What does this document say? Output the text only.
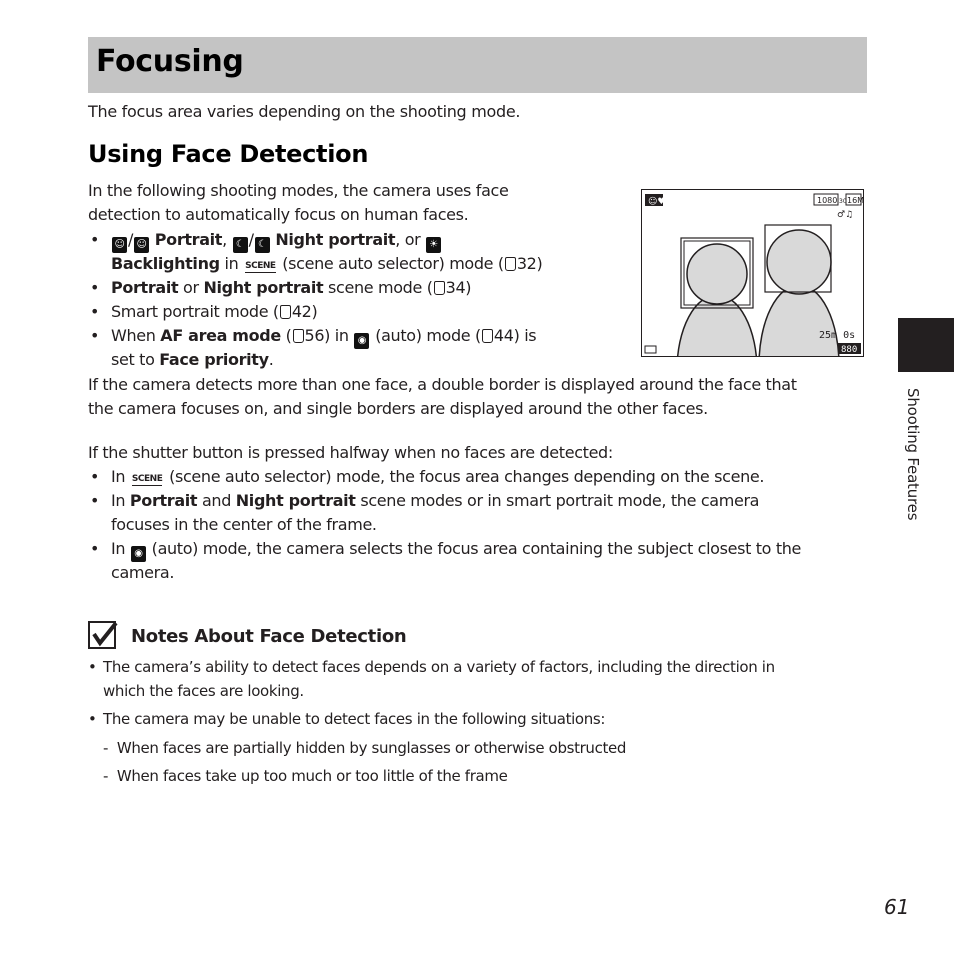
Focusing
The focus area varies depending on the shooting mode.
Using Face Detection
In the following shooting modes, the camera uses face
detection to automatically focus on human faces.
•	☺ / ☺ Portrait, ☾ / ☾ Night portrait, or ☀
Backlighting in SCENE (scene auto selector) mode ( 32)
• Portrait or Night portrait scene mode ( 34)
• Smart portrait mode ( 42)
• When AF area mode ( 56) in ◉ (auto) mode ( 44) is
set to Face priority.
☺♥	1080 30 16M
♂♫
25m 0s
880
If the camera detects more than one face, a double border is displayed around the face that
the camera focuses on, and single borders are displayed around the other faces.
If the shutter button is pressed halfway when no faces are detected:
• In SCENE (scene auto selector) mode, the focus area changes depending on the scene.
• In Portrait and Night portrait scene modes or in smart portrait mode, the camera
focuses in the center of the frame.
• In ◉ (auto) mode, the camera selects the focus area containing the subject closest to the
camera.
Notes About Face Detection
• The camera’s ability to detect faces depends on a variety of factors, including the direction in
which the faces are looking.
• The camera may be unable to detect faces in the following situations:
-  When faces are partially hidden by sunglasses or otherwise obstructed
-  When faces take up too much or too little of the frame
Shooting Features
61
